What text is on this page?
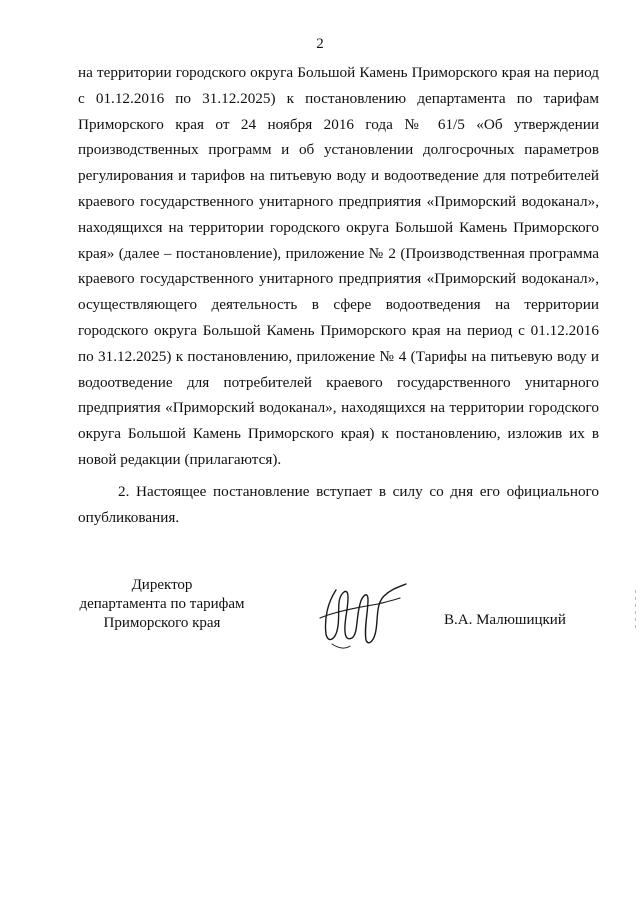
2

на территории городского округа Большой Камень Приморского края на период с 01.12.2016 по 31.12.2025) к постановлению департамента по тарифам Приморского края от 24 ноября 2016 года № 61/5 «Об утверждении производственных программ и об установлении долгосрочных параметров регулирования и тарифов на питьевую воду и водоотведение для потребителей краевого государственного унитарного предприятия «Приморский водоканал», находящихся на территории городского округа Большой Камень Приморского края» (далее – постановление), приложение № 2 (Производственная программа краевого государственного унитарного предприятия «Приморский водоканал», осуществляющего деятельность в сфере водоотведения на территории городского округа Большой Камень Приморского края на период с 01.12.2016 по 31.12.2025) к постановлению, приложение № 4 (Тарифы на питьевую воду и водоотведение для потребителей краевого государственного унитарного предприятия «Приморский водоканал», находящихся на территории городского округа Большой Камень Приморского края) к постановлению, изложив их в новой редакции (прилагаются).

2. Настоящее постановление вступает в силу со дня его официального опубликования.

Директор
департамента по тарифам
Приморского края	В.А. Малюшицкий
